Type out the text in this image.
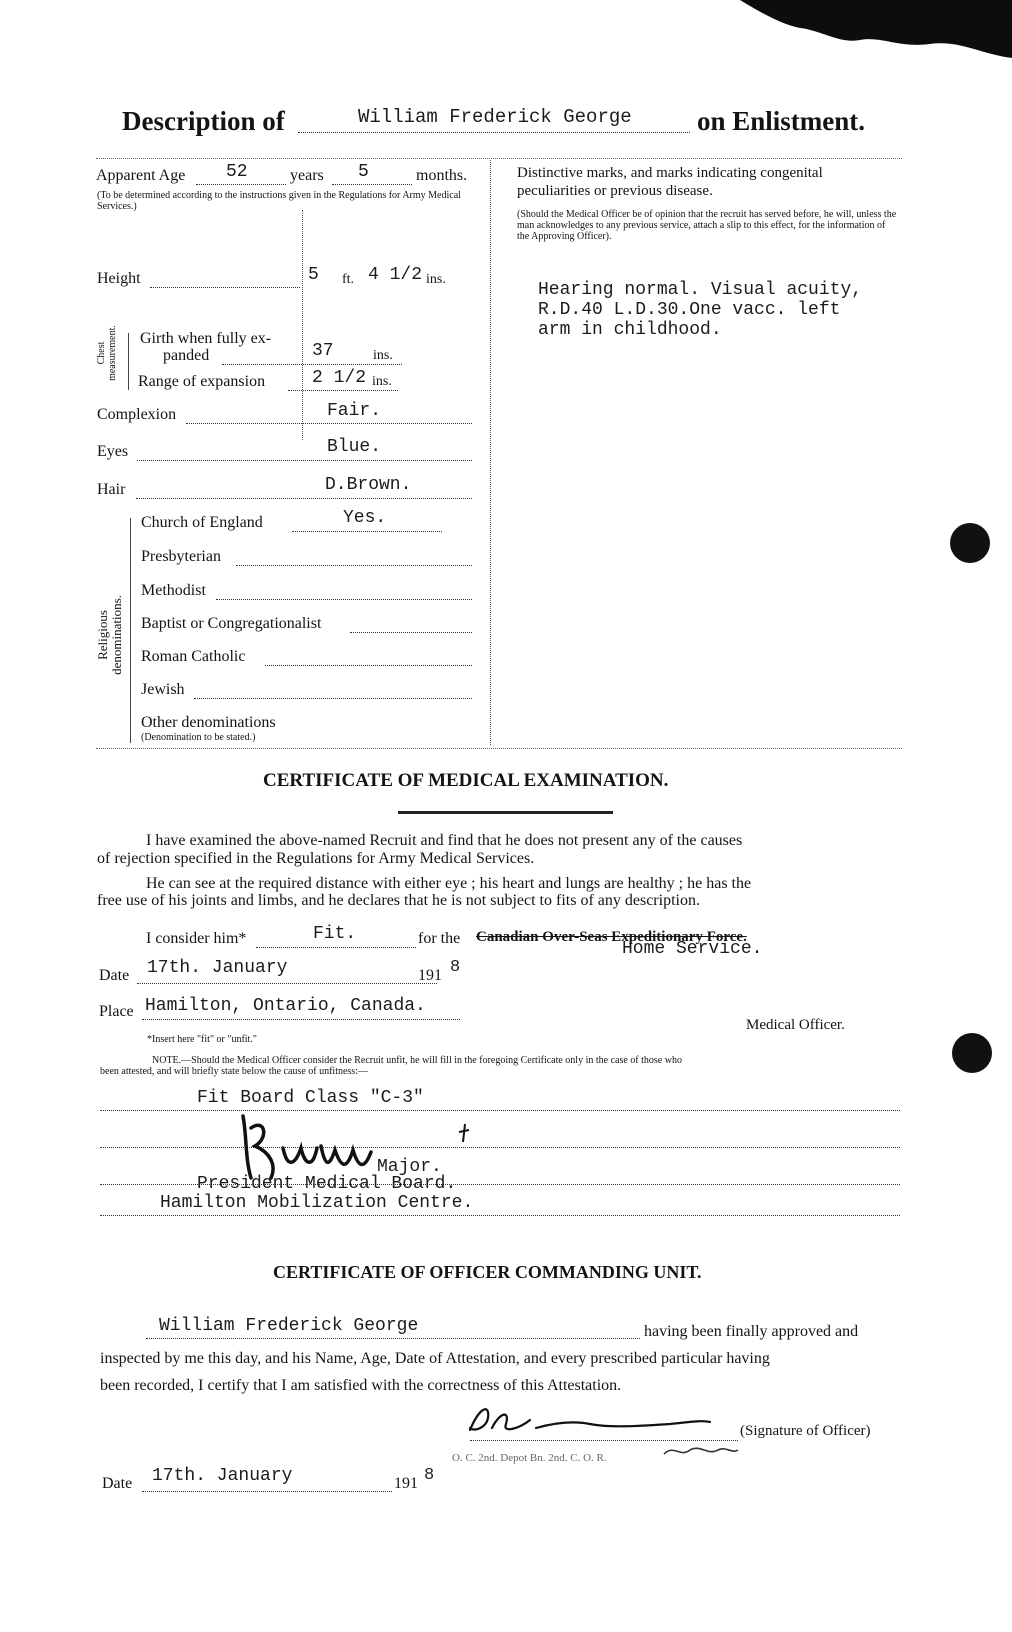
Description of	William Frederick George on Enlistment.
Apparent Age 52	years 5	months.
(To be determined according to the instructions given in the Regulations for Army Medical Services.)
Height	5 ft. 4 1/2 ins.
Chest measurement. Girth when fully ex-
panded	37	ins.
Range of expansion	2 1/2 ins.
Complexion	Fair.
Eyes	Blue.
Hair	D.Brown.
Religious denominations.
Church of England	Yes.
Presbyterian
Methodist
Baptist or Congregationalist
Roman Catholic
Jewish
Other denominations
(Denomination to be stated.)
Distinctive marks, and marks indicating congenital
peculiarities or previous disease.
(Should the Medical Officer be of opinion that the recruit has served before, he will, unless the man acknowledges to any previous service, attach a slip to this effect, for the information of the Approving Officer).
Hearing normal. Visual acuity,
R.D.40 L.D.30.One vacc. left
arm in childhood.
CERTIFICATE OF MEDICAL EXAMINATION.
I have examined the above-named Recruit and find that he does not present any of the causes
of rejection specified in the Regulations for Army Medical Services.
He can see at the required distance with either eye ; his heart and lungs are healthy ; he has the
free use of his joints and limbs, and he declares that he is not subject to fits of any description.
I consider him*	Fit.	for the Canadian Over-Seas Expeditionary Force.
Home Service.
Date 17th. January	191 8
Place Hamilton, Ontario, Canada.
Medical Officer.
*Insert here "fit" or "unfit."
NOTE.—Should the Medical Officer consider the Recruit unfit, he will fill in the foregoing Certificate only in the case of those who
been attested, and will briefly state below the cause of unfitness:—
Fit Board Class "C-3"
Major.
President Medical Board.
Hamilton Mobilization Centre.
CERTIFICATE OF OFFICER COMMANDING UNIT.
William Frederick George	having been finally approved and
inspected by me this day, and his Name, Age, Date of Attestation, and every prescribed particular having
been recorded, I certify that I am satisfied with the correctness of this Attestation.
(Signature of Officer)
O. C. 2nd. Depot Bn. 2nd. C. O. R.
Date 17th. January	191 8
